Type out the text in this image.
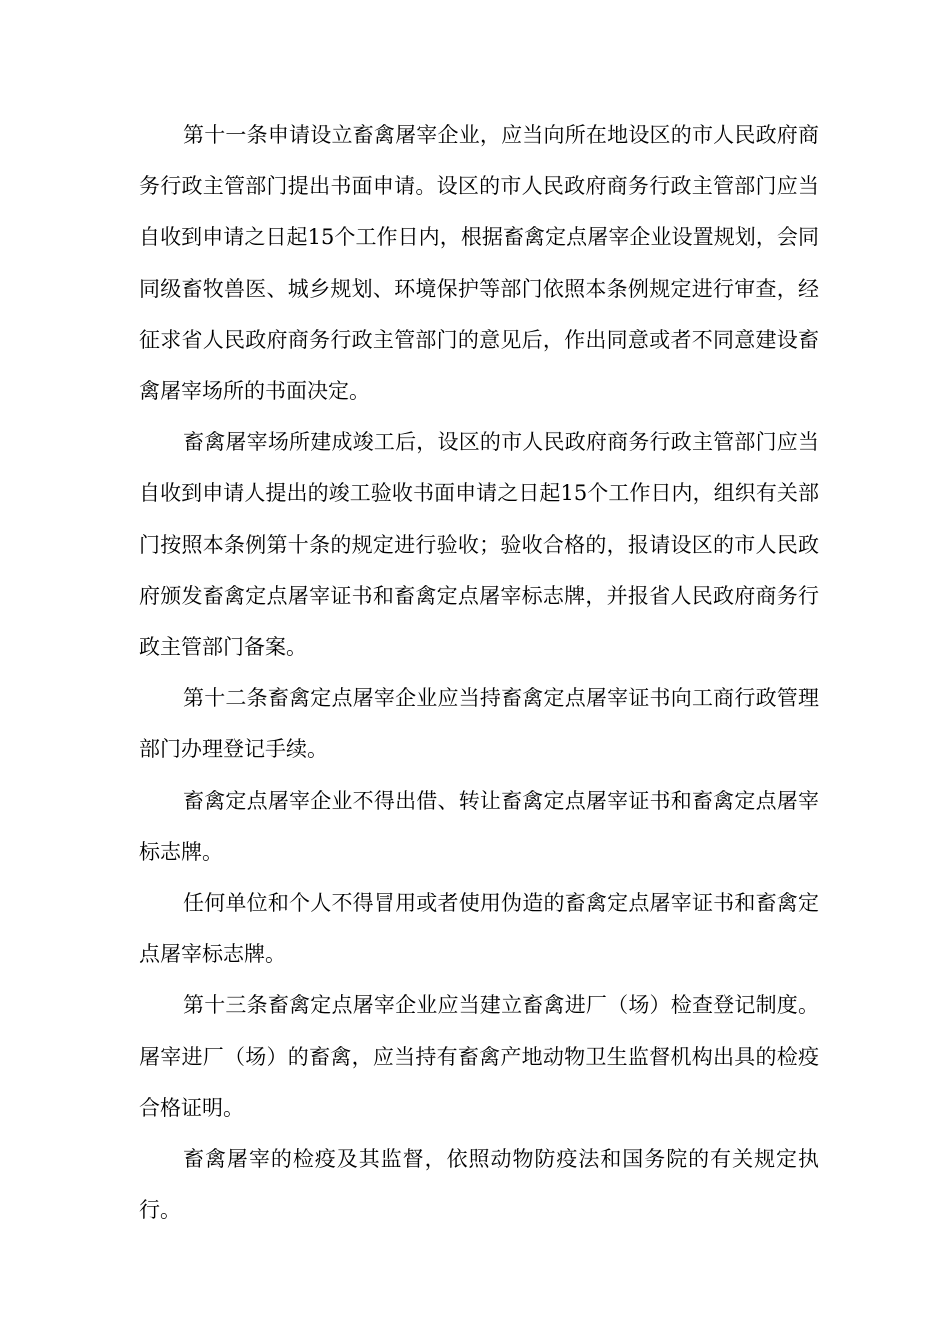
第十一条申请设立畜禽屠宰企业，应当向所在地设区的市人民政府商务行政主管部门提出书面申请。设区的市人民政府商务行政主管部门应当自收到申请之日起15个工作日内，根据畜禽定点屠宰企业设置规划，会同同级畜牧兽医、城乡规划、环境保护等部门依照本条例规定进行审查，经征求省人民政府商务行政主管部门的意见后，作出同意或者不同意建设畜禽屠宰场所的书面决定。

畜禽屠宰场所建成竣工后，设区的市人民政府商务行政主管部门应当自收到申请人提出的竣工验收书面申请之日起15个工作日内，组织有关部门按照本条例第十条的规定进行验收；验收合格的，报请设区的市人民政府颁发畜禽定点屠宰证书和畜禽定点屠宰标志牌，并报省人民政府商务行政主管部门备案。

第十二条畜禽定点屠宰企业应当持畜禽定点屠宰证书向工商行政管理部门办理登记手续。

畜禽定点屠宰企业不得出借、转让畜禽定点屠宰证书和畜禽定点屠宰标志牌。

任何单位和个人不得冒用或者使用伪造的畜禽定点屠宰证书和畜禽定点屠宰标志牌。

第十三条畜禽定点屠宰企业应当建立畜禽进厂（场）检查登记制度。屠宰进厂（场）的畜禽，应当持有畜禽产地动物卫生监督机构出具的检疫合格证明。

畜禽屠宰的检疫及其监督，依照动物防疫法和国务院的有关规定执行。
